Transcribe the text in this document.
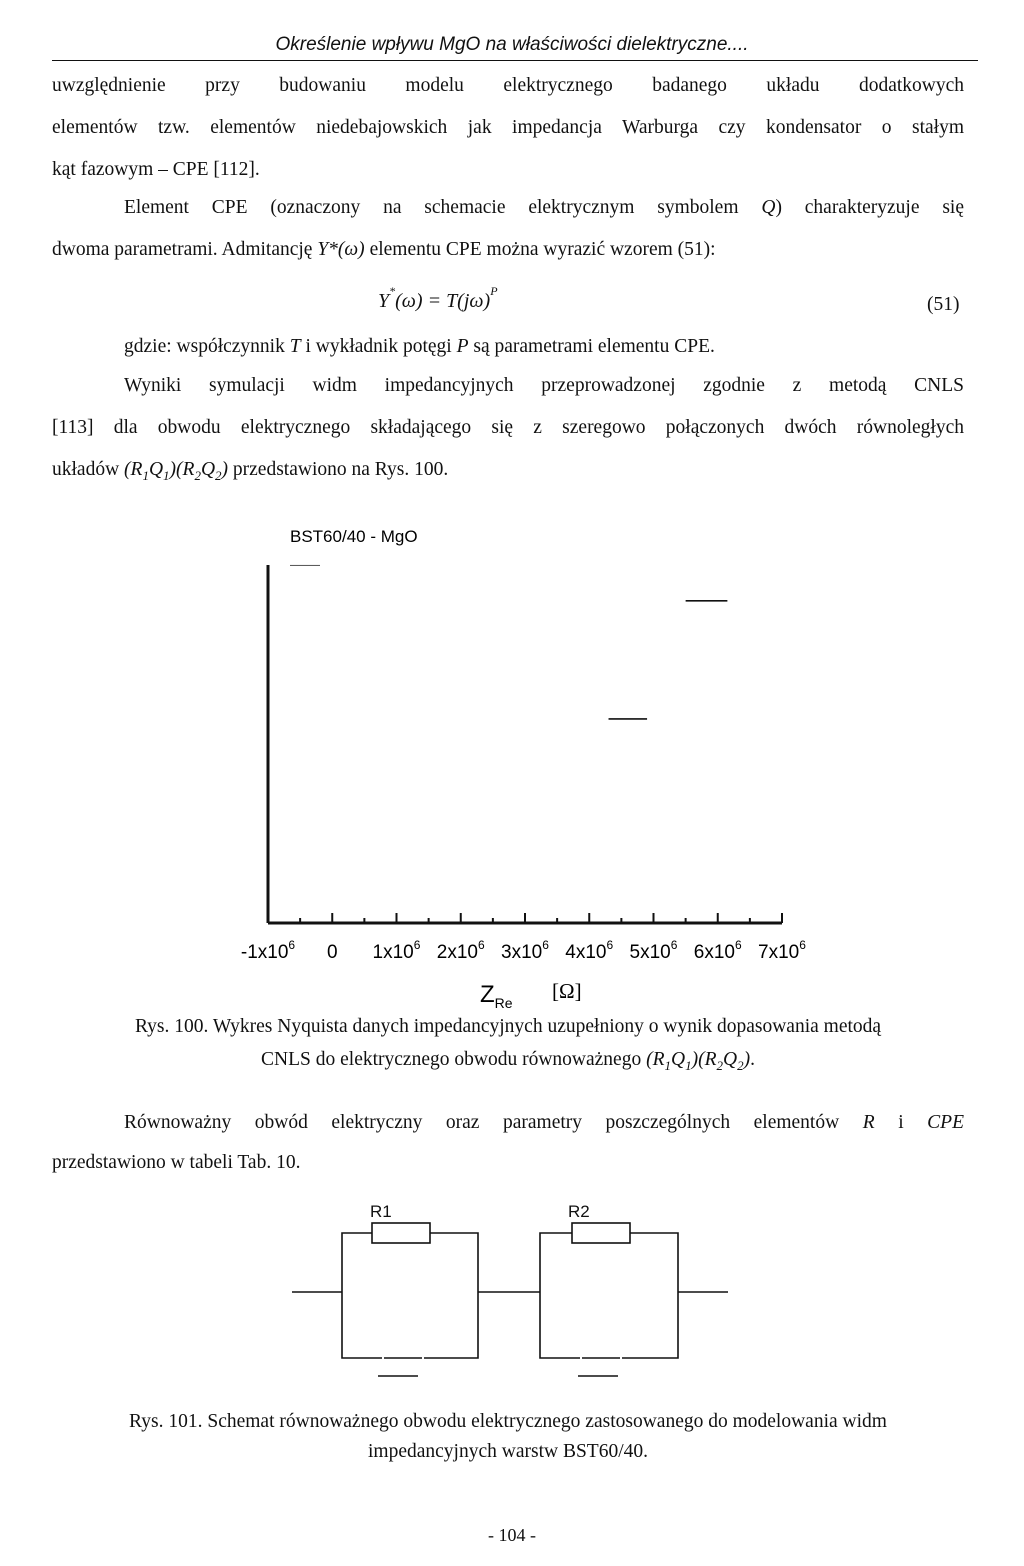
Określenie wpływu MgO na właściwości dielektryczne....
uwzględnienie przy budowaniu modelu elektrycznego badanego układu dodatkowych
elementów tzw. elementów niedebajowskich jak impedancja Warburga czy kondensator o stałym
kąt fazowym – CPE [112].
Element CPE (oznaczony na schemacie elektrycznym symbolem Q) charakteryzuje się
dwoma parametrami. Admitancję Y*(ω) elementu CPE można wyrazić wzorem (51):
$Y^*(\omega) = T(j\omega)^P$
(51)
gdzie: współczynnik T i wykładnik potęgi P są parametrami elementu CPE.
Wyniki symulacji widm impedancyjnych przeprowadzonej zgodnie z metodą CNLS
[113] dla obwodu elektrycznego składającego się z szeregowo połączonych dwóch równoległych
układów $(R_1Q_1)(R_2Q_2)$ przedstawiono na Rys. 100.
BST60/40 - MgO
———
$-1x10^6$ 0 $1x10^6$ $2x10^6$ $3x10^6$ $4x10^6$ $5x10^6$ $6x10^6$ $7x10^6$
$Z_{Re}$ [Ω]
Rys. 100. Wykres Nyquista danych impedancyjnych uzupełniony o wynik dopasowania metodą
CNLS do elektrycznego obwodu równoważnego $(R_1Q_1)(R_2Q_2)$.
Równoważny obwód elektryczny oraz parametry poszczególnych elementów R i CPE
przedstawiono w tabeli Tab. 10.
R1	R2
Rys. 101. Schemat równoważnego obwodu elektrycznego zastosowanego do modelowania widm
impedancyjnych warstw BST60/40.
- 104 -
